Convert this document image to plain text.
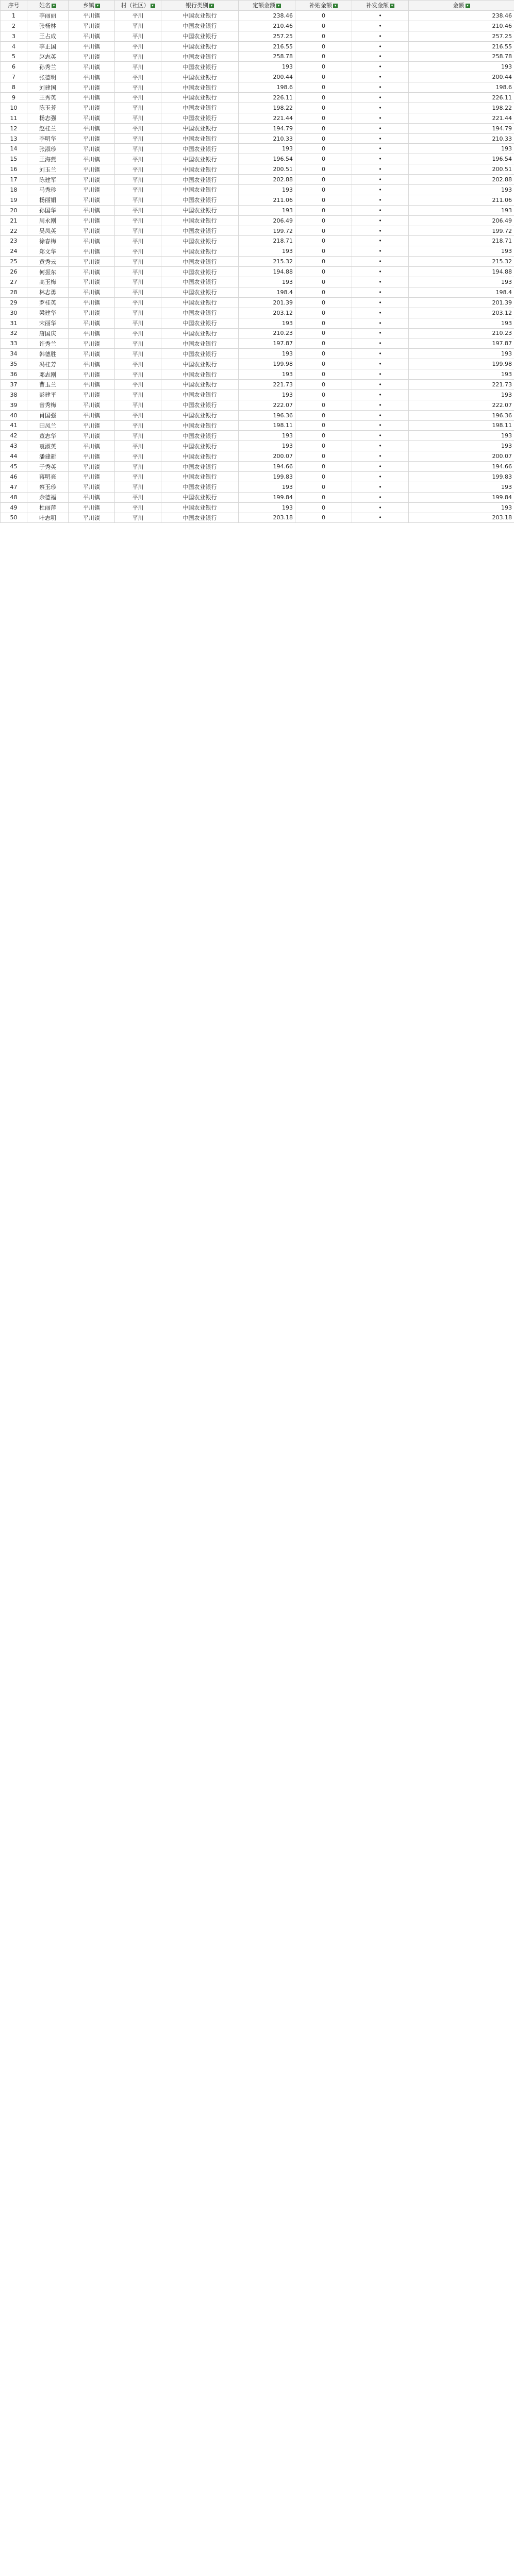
序号	姓名 ▾	乡镇 ▾	村（社区） ▾	银行类别 ▾	定额金额 ▾	补贴金额 ▾	补发金额 ▾	金额 ▾
1	李丽丽	平川镇	平川	中国农业银行	238.46	0	•	238.46
2	张杨林	平川镇	平川	中国农业银行	210.46	0	•	210.46
3	王占成	平川镇	平川	中国农业银行	257.25	0	•	257.25
4	李正国	平川镇	平川	中国农业银行	216.55	0	•	216.55
5	赵志英	平川镇	平川	中国农业银行	258.78	0	•	258.78
6	孙秀兰	平川镇	平川	中国农业银行	193	0	•	193
7	张德明	平川镇	平川	中国农业银行	200.44	0	•	200.44
8	刘建国	平川镇	平川	中国农业银行	198.6	0	•	198.6
9	王秀英	平川镇	平川	中国农业银行	226.11	0	•	226.11
10	陈玉芳	平川镇	平川	中国农业银行	198.22	0	•	198.22
11	杨志强	平川镇	平川	中国农业银行	221.44	0	•	221.44
12	赵桂兰	平川镇	平川	中国农业银行	194.79	0	•	194.79
13	李明华	平川镇	平川	中国农业银行	210.33	0	•	210.33
14	张淑珍	平川镇	平川	中国农业银行	193	0	•	193
15	王海燕	平川镇	平川	中国农业银行	196.54	0	•	196.54
16	刘玉兰	平川镇	平川	中国农业银行	200.51	0	•	200.51
17	陈建军	平川镇	平川	中国农业银行	202.88	0	•	202.88
18	马秀珍	平川镇	平川	中国农业银行	193	0	•	193
19	杨丽娟	平川镇	平川	中国农业银行	211.06	0	•	211.06
20	孙国华	平川镇	平川	中国农业银行	193	0	•	193
21	周永刚	平川镇	平川	中国农业银行	206.49	0	•	206.49
22	吴凤英	平川镇	平川	中国农业银行	199.72	0	•	199.72
23	徐春梅	平川镇	平川	中国农业银行	218.71	0	•	218.71
24	郑文华	平川镇	平川	中国农业银行	193	0	•	193
25	黄秀云	平川镇	平川	中国农业银行	215.32	0	•	215.32
26	何振东	平川镇	平川	中国农业银行	194.88	0	•	194.88
27	高玉梅	平川镇	平川	中国农业银行	193	0	•	193
28	林志勇	平川镇	平川	中国农业银行	198.4	0	•	198.4
29	罗桂英	平川镇	平川	中国农业银行	201.39	0	•	201.39
30	梁建华	平川镇	平川	中国农业银行	203.12	0	•	203.12
31	宋丽华	平川镇	平川	中国农业银行	193	0	•	193
32	唐国庆	平川镇	平川	中国农业银行	210.23	0	•	210.23
33	许秀兰	平川镇	平川	中国农业银行	197.87	0	•	197.87
34	韩德胜	平川镇	平川	中国农业银行	193	0	•	193
35	冯桂芳	平川镇	平川	中国农业银行	199.98	0	•	199.98
36	邓志刚	平川镇	平川	中国农业银行	193	0	•	193
37	曹玉兰	平川镇	平川	中国农业银行	221.73	0	•	221.73
38	彭建平	平川镇	平川	中国农业银行	193	0	•	193
39	曾秀梅	平川镇	平川	中国农业银行	222.07	0	•	222.07
40	肖国强	平川镇	平川	中国农业银行	196.36	0	•	196.36
41	田凤兰	平川镇	平川	中国农业银行	198.11	0	•	198.11
42	董志华	平川镇	平川	中国农业银行	193	0	•	193
43	袁淑英	平川镇	平川	中国农业银行	193	0	•	193
44	潘建新	平川镇	平川	中国农业银行	200.07	0	•	200.07
45	于秀英	平川镇	平川	中国农业银行	194.66	0	•	194.66
46	蒋明亮	平川镇	平川	中国农业银行	199.83	0	•	199.83
47	蔡玉珍	平川镇	平川	中国农业银行	193	0	•	193
48	余德福	平川镇	平川	中国农业银行	199.84	0	•	199.84
49	杜丽萍	平川镇	平川	中国农业银行	193	0	•	193
50	叶志明	平川镇	平川	中国农业银行	203.18	0	•	203.18
